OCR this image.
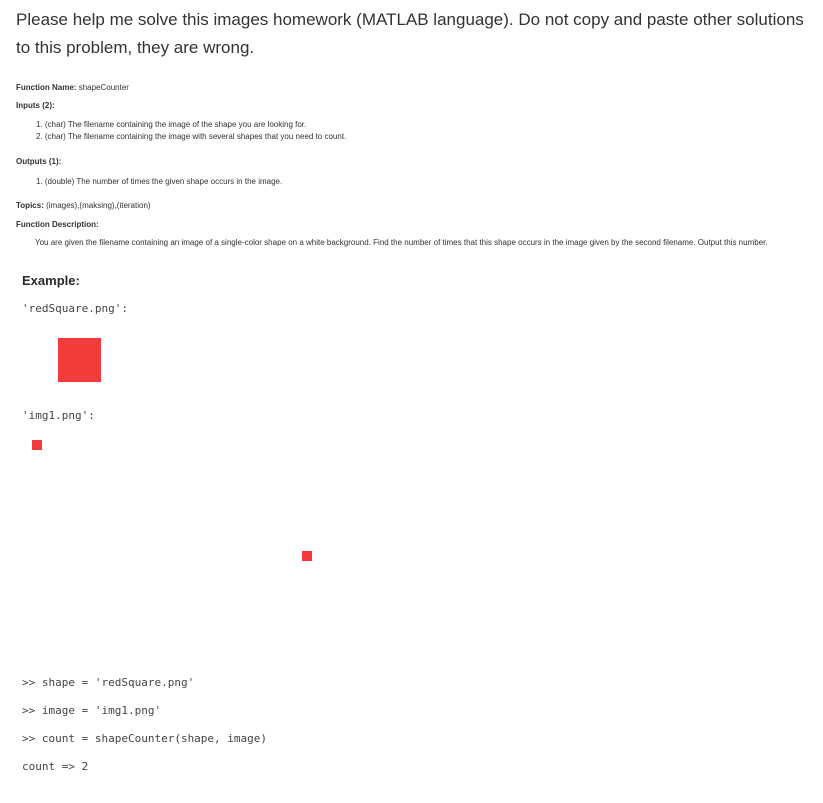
Please help me solve this images homework (MATLAB language). Do not copy and paste other solutions to this problem, they are wrong.
Function Name: shapeCounter
Inputs (2):
1. (char) The filename containing the image of the shape you are looking for.
2. (char) The filename containing the image with several shapes that you need to count.
Outputs (1):
1. (double) The number of times the given shape occurs in the image.
Topics: (images),(maksing),(iteration)
Function Description:
You are given the filename containing an image of a single-color shape on a white background. Find the number of times that this shape occurs in the image given by the second filename. Output this number.
Example:
'redSquare.png':
'img1.png':
>> shape = 'redSquare.png'
>> image = 'img1.png'
>> count = shapeCounter(shape, image)
count => 2
